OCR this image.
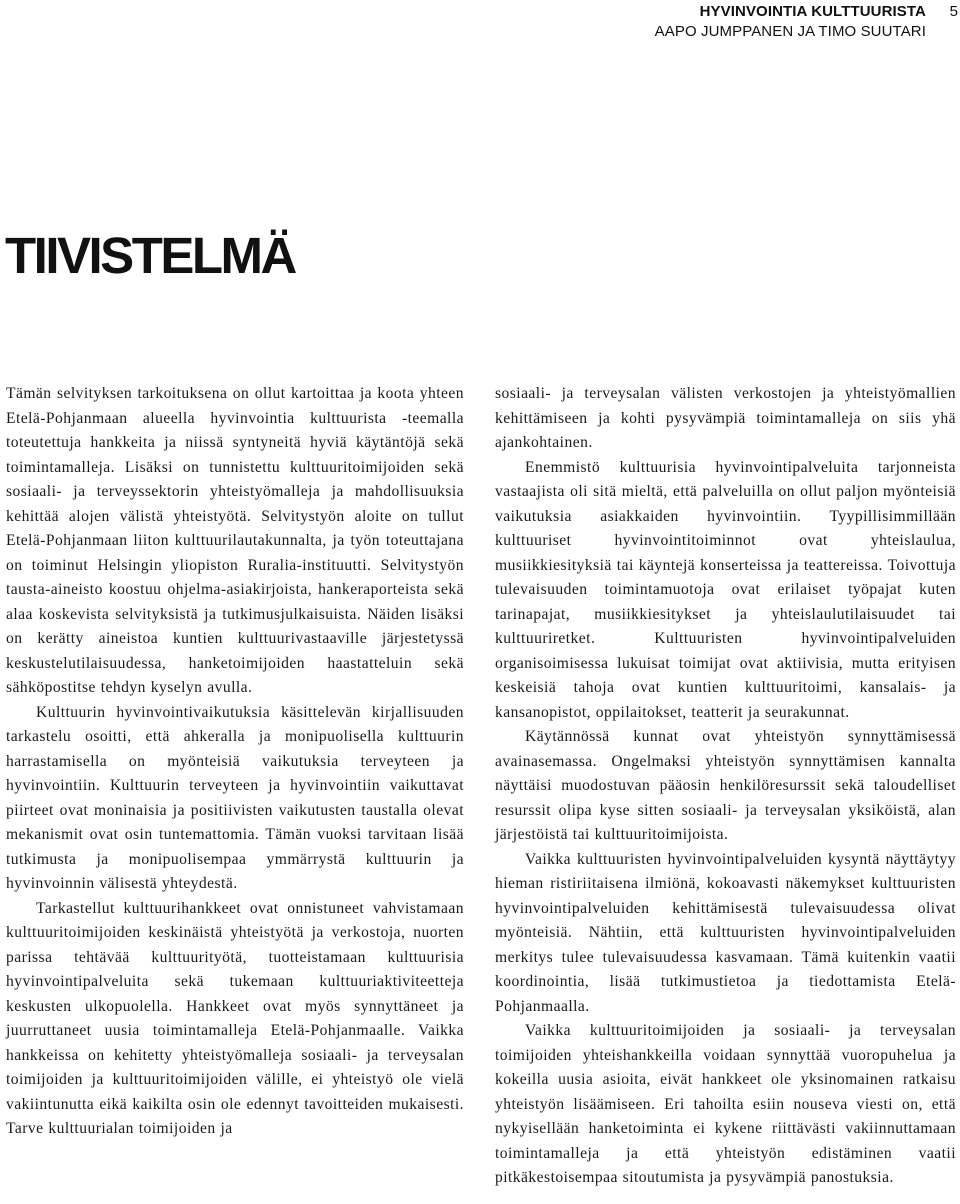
HYVINVOINTIA KULTTUURISTA
AAPO JUMPPANEN JA TIMO SUUTARI
5
TIIVISTELMÄ

Tämän selvityksen tarkoituksena on ollut kartoittaa ja koota yhteen Etelä-Pohjanmaan alueella hyvinvointia kulttuurista -teemalla toteutettuja hankkeita ja niissä syntyneitä hyviä käytäntöjä sekä toimintamalleja. Lisäksi on tunnistettu kulttuuritoimijoiden sekä sosiaali- ja terveyssektorin yhteistyömalleja ja mahdollisuuksia kehittää alojen välistä yhteistyötä. Selvitystyön aloite on tullut Etelä-Pohjanmaan liiton kulttuurilautakunnalta, ja työn toteuttajana on toiminut Helsingin yliopiston Ruralia-instituutti. Selvitystyön tausta-aineisto koostuu ohjelma-asiakirjoista, hankeraporteista sekä alaa koskevista selvityksistä ja tutkimusjulkaisuista. Näiden lisäksi on kerätty aineistoa kuntien kulttuurivastaaville järjestetyssä keskustelutilaisuudessa, hanketoimijoiden haastatteluin sekä sähköpostitse tehdyn kyselyn avulla.

Kulttuurin hyvinvointivaikutuksia käsittelevän kirjallisuuden tarkastelu osoitti, että ahkeralla ja monipuolisella kulttuurin harrastamisella on myönteisiä vaikutuksia terveyteen ja hyvinvointiin. Kulttuurin terveyteen ja hyvinvointiin vaikuttavat piirteet ovat moninaisia ja positiivisten vaikutusten taustalla olevat mekanismit ovat osin tuntemattomia. Tämän vuoksi tarvitaan lisää tutkimusta ja monipuolisempaa ymmärrystä kulttuurin ja hyvinvoinnin välisestä yhteydestä.

Tarkastellut kulttuurihankkeet ovat onnistuneet vahvistamaan kulttuuritoimijoiden keskinäistä yhteistyötä ja verkostoja, nuorten parissa tehtävää kulttuurityötä, tuotteistamaan kulttuurisia hyvinvointipalveluita sekä tukemaan kulttuuriaktiviteetteja keskusten ulkopuolella. Hankkeet ovat myös synnyttäneet ja juurruttaneet uusia toimintamalleja Etelä-Pohjanmaalle. Vaikka hankkeissa on kehitetty yhteistyömalleja sosiaali- ja terveysalan toimijoiden ja kulttuuritoimijoiden välille, ei yhteistyö ole vielä vakiintunutta eikä kaikilta osin ole edennyt tavoitteiden mukaisesti. Tarve kulttuurialan toimijoiden ja

sosiaali- ja terveysalan välisten verkostojen ja yhteistyömallien kehittämiseen ja kohti pysyvämpiä toimintamalleja on siis yhä ajankohtainen.

Enemmistö kulttuurisia hyvinvointipalveluita tarjonneista vastaajista oli sitä mieltä, että palveluilla on ollut paljon myönteisiä vaikutuksia asiakkaiden hyvinvointiin. Tyypillisimmillään kulttuuriset hyvinvointitoiminnot ovat yhteislaulua, musiikkiesityksiä tai käyntejä konserteissa ja teattereissa. Toivottuja tulevaisuuden toimintamuotoja ovat erilaiset työpajat kuten tarinapajat, musiikkiesitykset ja yhteislaulutilaisuudet tai kulttuuriretket. Kulttuuristen hyvinvointipalveluiden organisoimisessa lukuisat toimijat ovat aktiivisia, mutta erityisen keskeisiä tahoja ovat kuntien kulttuuritoimi, kansalais- ja kansanopistot, oppilaitokset, teatterit ja seurakunnat.

Käytännössä kunnat ovat yhteistyön synnyttämisessä avainasemassa. Ongelmaksi yhteistyön synnyttämisen kannalta näyttäisi muodostuvan pääosin henkilöresurssit sekä taloudelliset resurssit olipa kyse sitten sosiaali- ja terveysalan yksiköistä, alan järjestöistä tai kulttuuritoimijoista.

Vaikka kulttuuristen hyvinvointipalveluiden kysyntä näyttäytyy hieman ristiriitaisena ilmiönä, kokoavasti näkemykset kulttuuristen hyvinvointipalveluiden kehittämisestä tulevaisuudessa olivat myönteisiä. Nähtiin, että kulttuuristen hyvinvointipalveluiden merkitys tulee tulevaisuudessa kasvamaan. Tämä kuitenkin vaatii koordinointia, lisää tutkimustietoa ja tiedottamista Etelä-Pohjanmaalla.

Vaikka kulttuuritoimijoiden ja sosiaali- ja terveysalan toimijoiden yhteishankkeilla voidaan synnyttää vuoropuhelua ja kokeilla uusia asioita, eivät hankkeet ole yksinomainen ratkaisu yhteistyön lisäämiseen. Eri tahoilta esiin nouseva viesti on, että nykyisellään hanketoiminta ei kykene riittävästi vakiinnuttamaan toimintamalleja ja että yhteistyön edistäminen vaatii pitkäkestoisempaa sitoutumista ja pysyvämpiä panostuksia.
